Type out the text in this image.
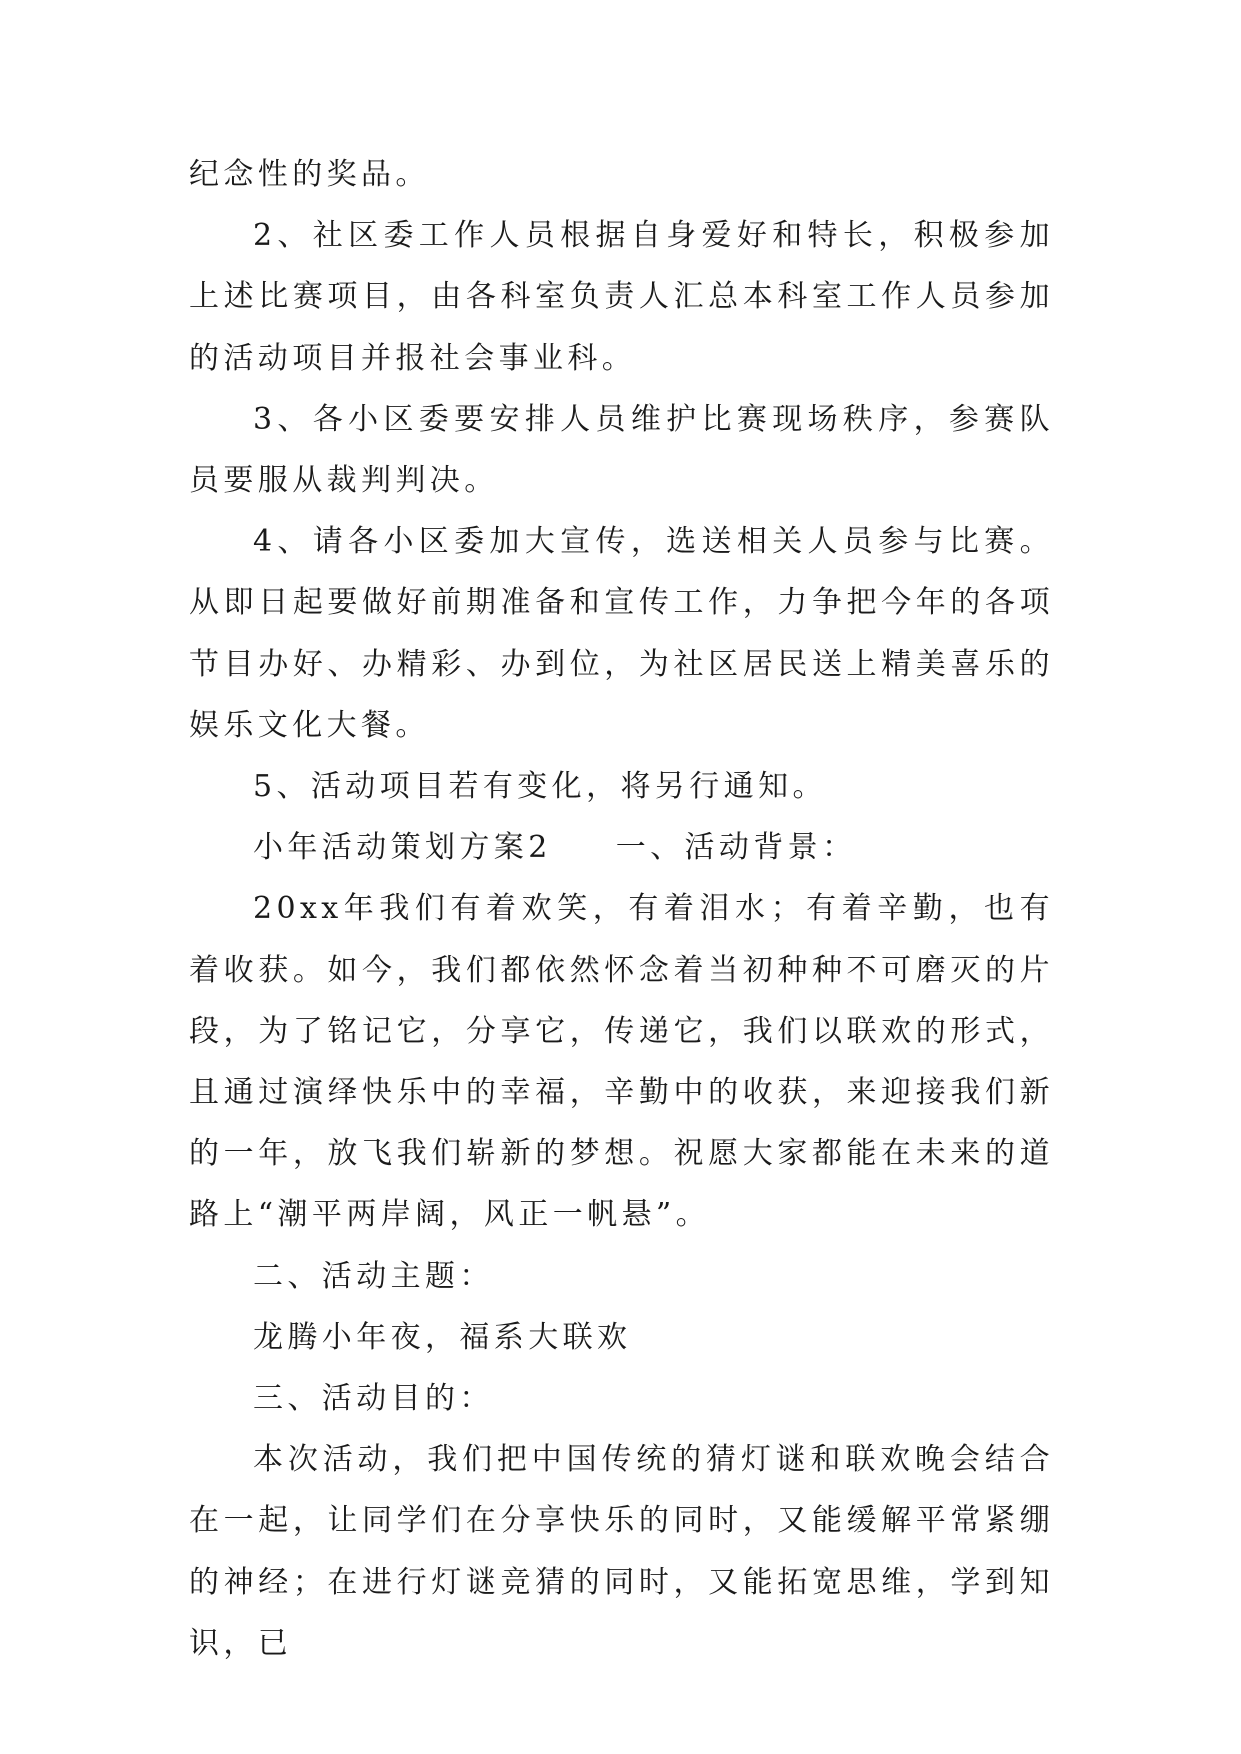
纪念性的奖品。

2、社区委工作人员根据自身爱好和特长，积极参加上述比赛项目，由各科室负责人汇总本科室工作人员参加的活动项目并报社会事业科。

3、各小区委要安排人员维护比赛现场秩序，参赛队员要服从裁判判决。

4、请各小区委加大宣传，选送相关人员参与比赛。从即日起要做好前期准备和宣传工作，力争把今年的各项节目办好、办精彩、办到位，为社区居民送上精美喜乐的娱乐文化大餐。

5、活动项目若有变化，将另行通知。

小年活动策划方案2 一、活动背景：

20xx年我们有着欢笑，有着泪水；有着辛勤，也有着收获。如今，我们都依然怀念着当初种种不可磨灭的片段，为了铭记它，分享它，传递它，我们以联欢的形式，且通过演绎快乐中的幸福，辛勤中的收获，来迎接我们新的一年，放飞我们崭新的梦想。祝愿大家都能在未来的道路上“潮平两岸阔，风正一帆悬”。

二、活动主题：

龙腾小年夜，福系大联欢

三、活动目的：

本次活动，我们把中国传统的猜灯谜和联欢晚会结合在一起，让同学们在分享快乐的同时，又能缓解平常紧绷的神经；在进行灯谜竞猜的同时，又能拓宽思维，学到知识，已
